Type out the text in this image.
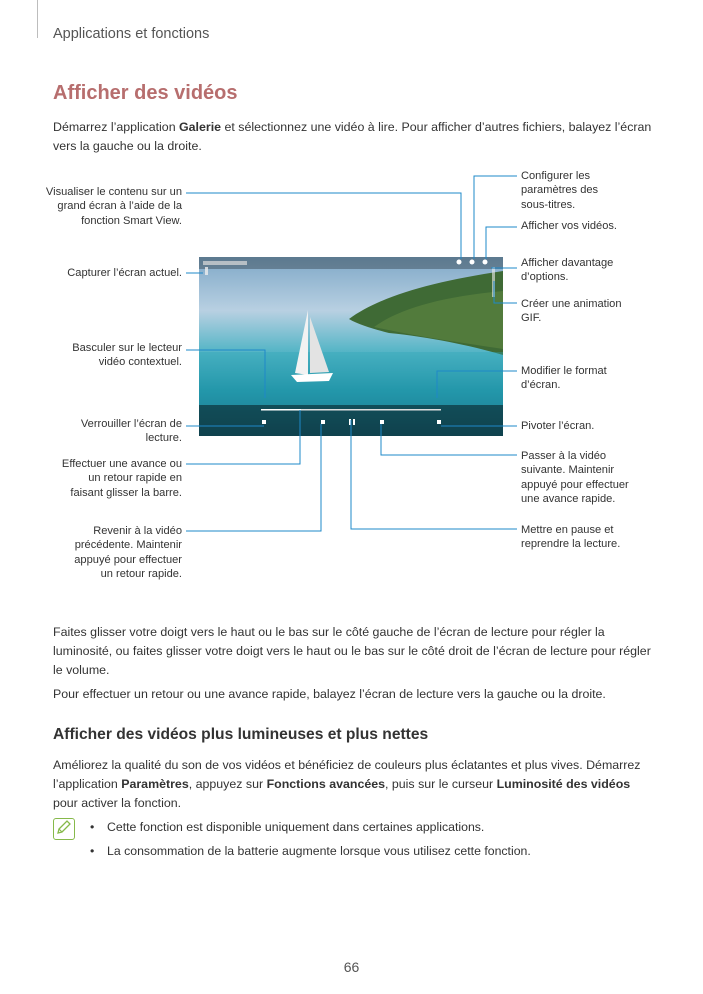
Applications et fonctions
Afficher des vidéos
Démarrez l’application Galerie et sélectionnez une vidéo à lire. Pour afficher d’autres fichiers, balayez l’écran vers la gauche ou la droite.
Visualiser le contenu sur un grand écran à l’aide de la fonction Smart View.
Capturer l’écran actuel.
Basculer sur le lecteur vidéo contextuel.
Verrouiller l’écran de lecture.
Effectuer une avance ou un retour rapide en faisant glisser la barre.
Revenir à la vidéo précédente. Maintenir appuyé pour effectuer un retour rapide.
Configurer les paramètres des sous-titres.
Afficher vos vidéos.
Afficher davantage d’options.
Créer une animation GIF.
Modifier le format d’écran.
Pivoter l’écran.
Passer à la vidéo suivante. Maintenir appuyé pour effectuer une avance rapide.
Mettre en pause et reprendre la lecture.
Faites glisser votre doigt vers le haut ou le bas sur le côté gauche de l’écran de lecture pour régler la luminosité, ou faites glisser votre doigt vers le haut ou le bas sur le côté droit de l’écran de lecture pour régler le volume.
Pour effectuer un retour ou une avance rapide, balayez l’écran de lecture vers la gauche ou la droite.
Afficher des vidéos plus lumineuses et plus nettes
Améliorez la qualité du son de vos vidéos et bénéficiez de couleurs plus éclatantes et plus vives. Démarrez l’application Paramètres, appuyez sur Fonctions avancées, puis sur le curseur Luminosité des vidéos pour activer la fonction.
• Cette fonction est disponible uniquement dans certaines applications.
• La consommation de la batterie augmente lorsque vous utilisez cette fonction.
66
